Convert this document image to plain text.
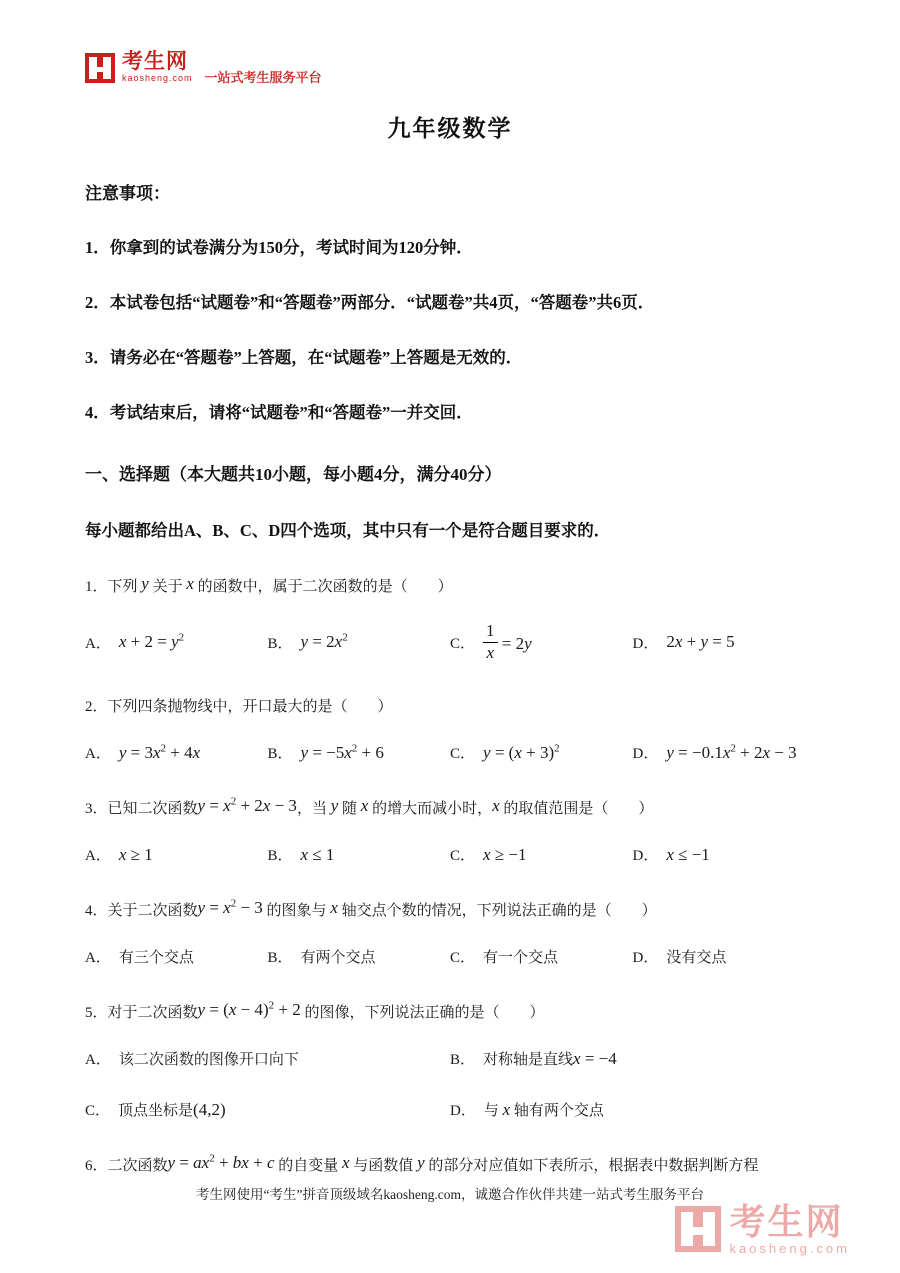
考生网
kaosheng.com 一站式考生服务平台
九年级数学
注意事项：

1．你拿到的试卷满分为150分，考试时间为120分钟．

2．本试卷包括“试题卷”和“答题卷”两部分．“试题卷”共4页，“答题卷”共6页．

3．请务必在“答题卷”上答题，在“试题卷”上答题是无效的．

4．考试结束后，请将“试题卷”和“答题卷”一并交回．

一、选择题（本大题共10小题，每小题4分，满分40分）

每小题都给出A、B、C、D四个选项，其中只有一个是符合题目要求的．

1．下列 y 关于 x 的函数中，属于二次函数的是（　　）

A． $x + 2 = y^2$	B． $y = 2x^2$	C． $\frac{1}{x} = 2y$	D． 2x + y = 5

2．下列四条抛物线中，开口最大的是（　　）

A． $y = 3x^2 + 4x$	B． $y = -5x^2 + 6$	C． $y = (x + 3)^2$	D． $y = -0.1x^2 + 2x - 3$

3．已知二次函数$y = x^2 + 2x - 3$，当 y 随 x 的增大而减小时，x 的取值范围是（　　）

A． x ≥ 1	B． x ≤ 1	C． x ≥ −1	D． x ≤ −1

4．关于二次函数$y = x^2 - 3$ 的图象与 x 轴交点个数的情况，下列说法正确的是（　　）

A． 有三个交点	B． 有两个交点	C． 有一个交点	D． 没有交点

5．对于二次函数$y = (x - 4)^2 + 2$ 的图像，下列说法正确的是（　　）

A． 该二次函数的图像开口向下	B． 对称轴是直线x = −4
C． 顶点坐标是(4,2)	D． 与 x 轴有两个交点

6．二次函数$y = ax^2$ + bx + c 的自变量 x 与函数值 y 的部分对应值如下表所示，根据表中数据判断方程

考生网使用“考生”拼音顶级域名kaosheng.com，诚邀合作伙伴共建一站式考生服务平台
考生网
kaosheng.com
